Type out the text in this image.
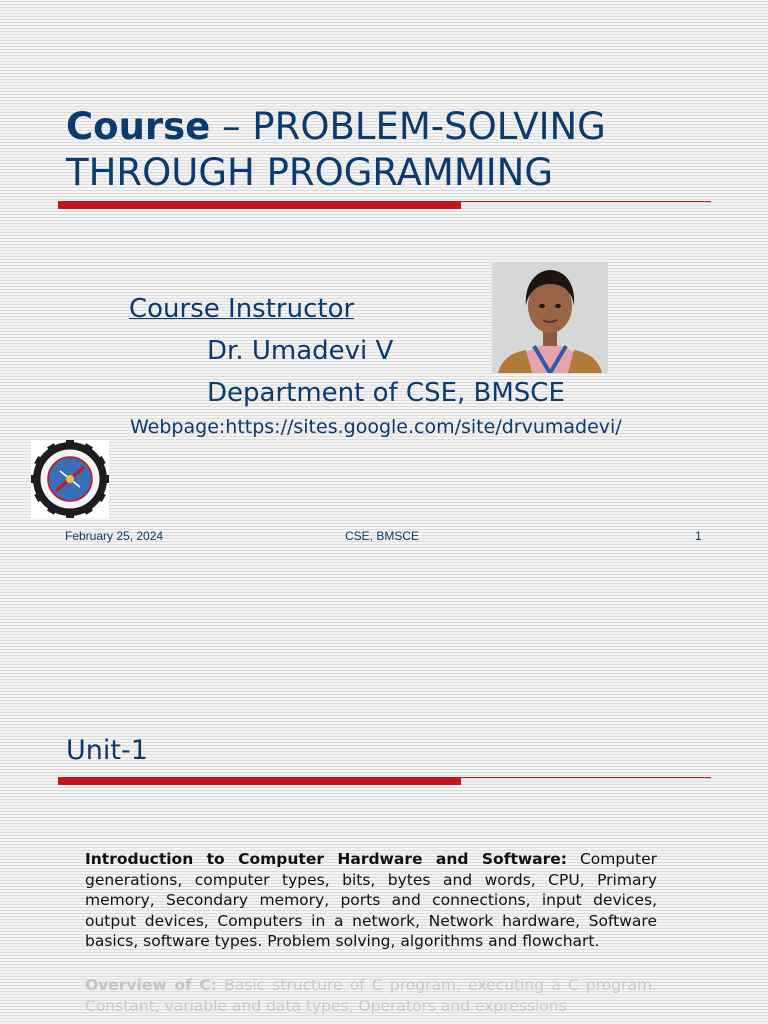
Course – PROBLEM-SOLVING THROUGH PROGRAMMING
Course Instructor
Dr. Umadevi V
Department of CSE, BMSCE
Webpage:https://sites.google.com/site/drvumadevi/
February 25, 2024	CSE, BMSCE	1
Unit-1

Introduction to Computer Hardware and Software: Computer generations, computer types, bits, bytes and words, CPU, Primary memory, Secondary memory, ports and connections, input devices, output devices, Computers in a network, Network hardware, Software basics, software types. Problem solving, algorithms and flowchart.

Overview of C: Basic structure of C program, executing a C program. Constant, variable and data types, Operators and expressions
